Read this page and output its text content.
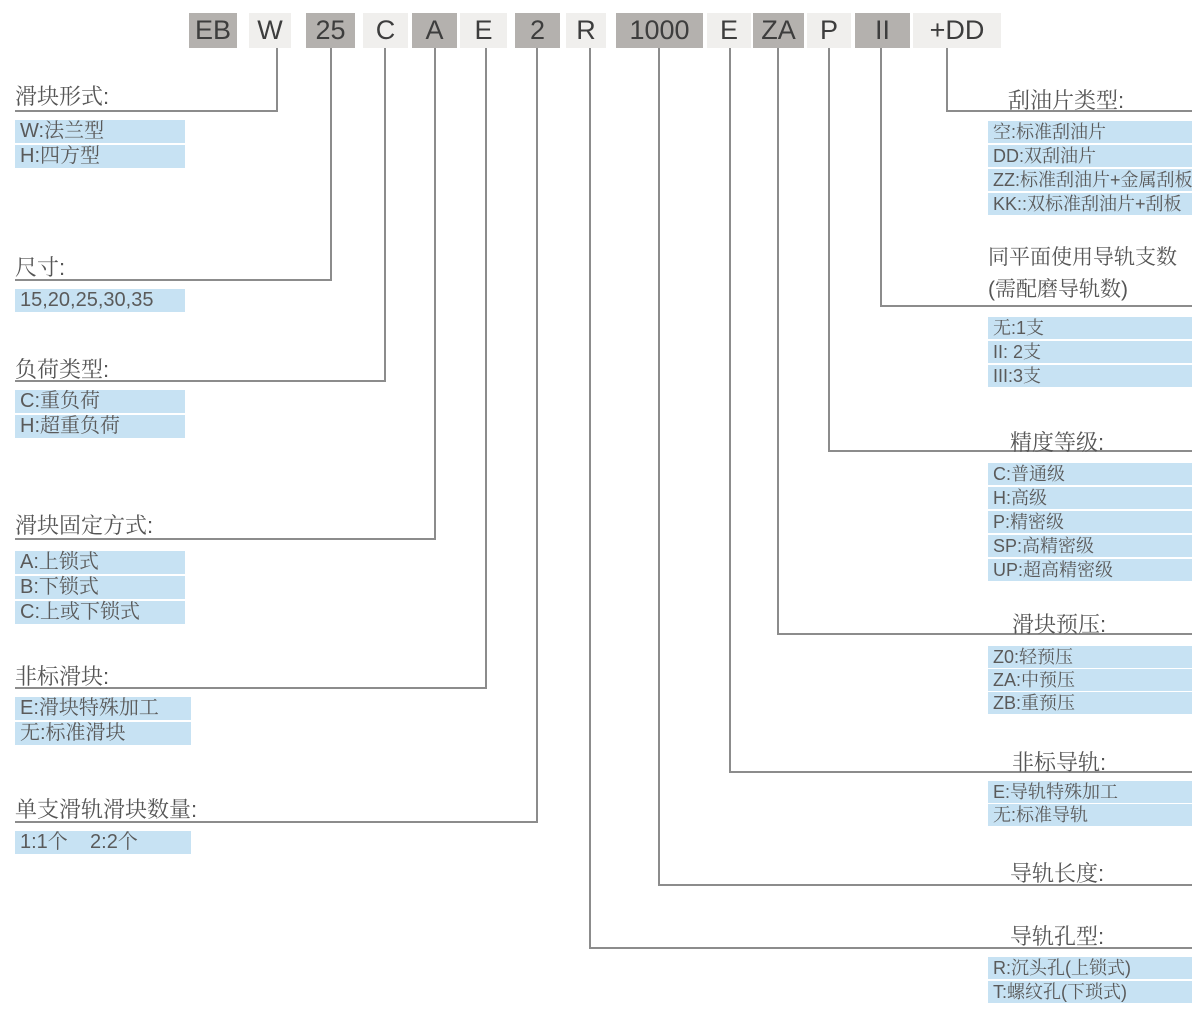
EB W	25	C	A	E	2	R	1000	E ZA P	II	+DD
滑块形式:
W:法兰型
H:四方型
尺寸:
15,20,25,30,35
负荷类型:
C:重负荷
H:超重负荷
滑块固定方式:
A:上锁式
B:下锁式
C:上或下锁式
非标滑块:
E:滑块特殊加工
无:标准滑块
单支滑轨滑块数量:
1:1个    2:2个
刮油片类型:
空:标准刮油片
DD:双刮油片
ZZ:标准刮油片+金属刮板
KK::双标准刮油片+刮板
同平面使用导轨支数
(需配磨导轨数)
无:1支
II: 2支
III:3支
精度等级:
C:普通级
H:高级
P:精密级
SP:高精密级
UP:超高精密级
滑块预压:
Z0:轻预压
ZA:中预压
ZB:重预压
非标导轨:
E:导轨特殊加工
无:标准导轨
导轨长度:
导轨孔型:
R:沉头孔(上锁式)
T:螺纹孔(下琐式)
